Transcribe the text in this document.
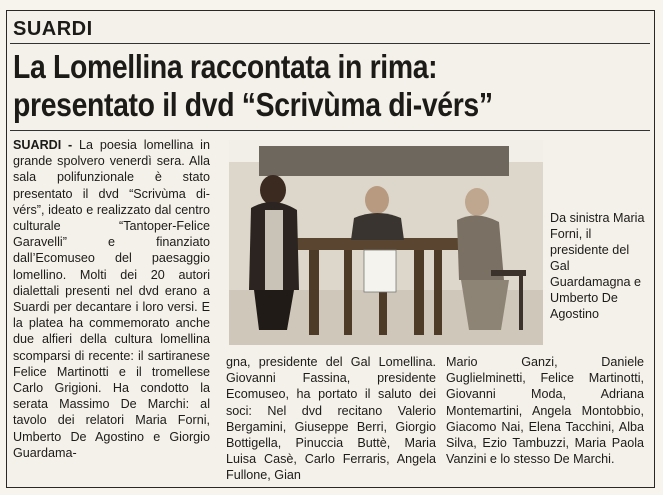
SUARDI
La Lomellina raccontata in rima:
presentato il dvd “Scrivùma di-vérs”
SUARDI - La poesia lomellina in grande spolvero venerdì sera. Alla sala polifunzionale è stato presentato il dvd “Scrivùma di-vérs”, ideato e realizzato dal centro culturale “Tantoper-Felice Garavelli” e finanziato dall’Ecomuseo del paesaggio lomellino. Molti dei 20 autori dialettali presenti nel dvd erano a Suardi per decantare i loro versi. E la platea ha commemorato anche due alfieri della cultura lomellina scomparsi di recente: il sartiranese Felice Martinotti e il tromellese Carlo Grigioni. Ha condotto la serata Massimo De Marchi: al tavolo dei relatori Maria Forni, Umberto De Agostino e Giorgio Guardama-
Da sinistra Maria Forni, il presidente del Gal Guardamagna e Umberto De Agostino
gna, presidente del Gal Lomellina. Giovanni Fassina, presidente Ecomuseo, ha portato il saluto dei soci: Nel dvd recitano Valerio Bergamini, Giuseppe Berri, Giorgio Bottigella, Pinuccia Buttè, Maria Luisa Casè, Carlo Ferraris, Angela Fullone, Gian
Mario Ganzi, Daniele Guglielminetti, Felice Martinotti, Giovanni Moda, Adriana Montemartini, Angela Montobbio, Giacomo Nai, Elena Tacchini, Alba Silva, Ezio Tambuzzi, Maria Paola Vanzini e lo stesso De Marchi.
